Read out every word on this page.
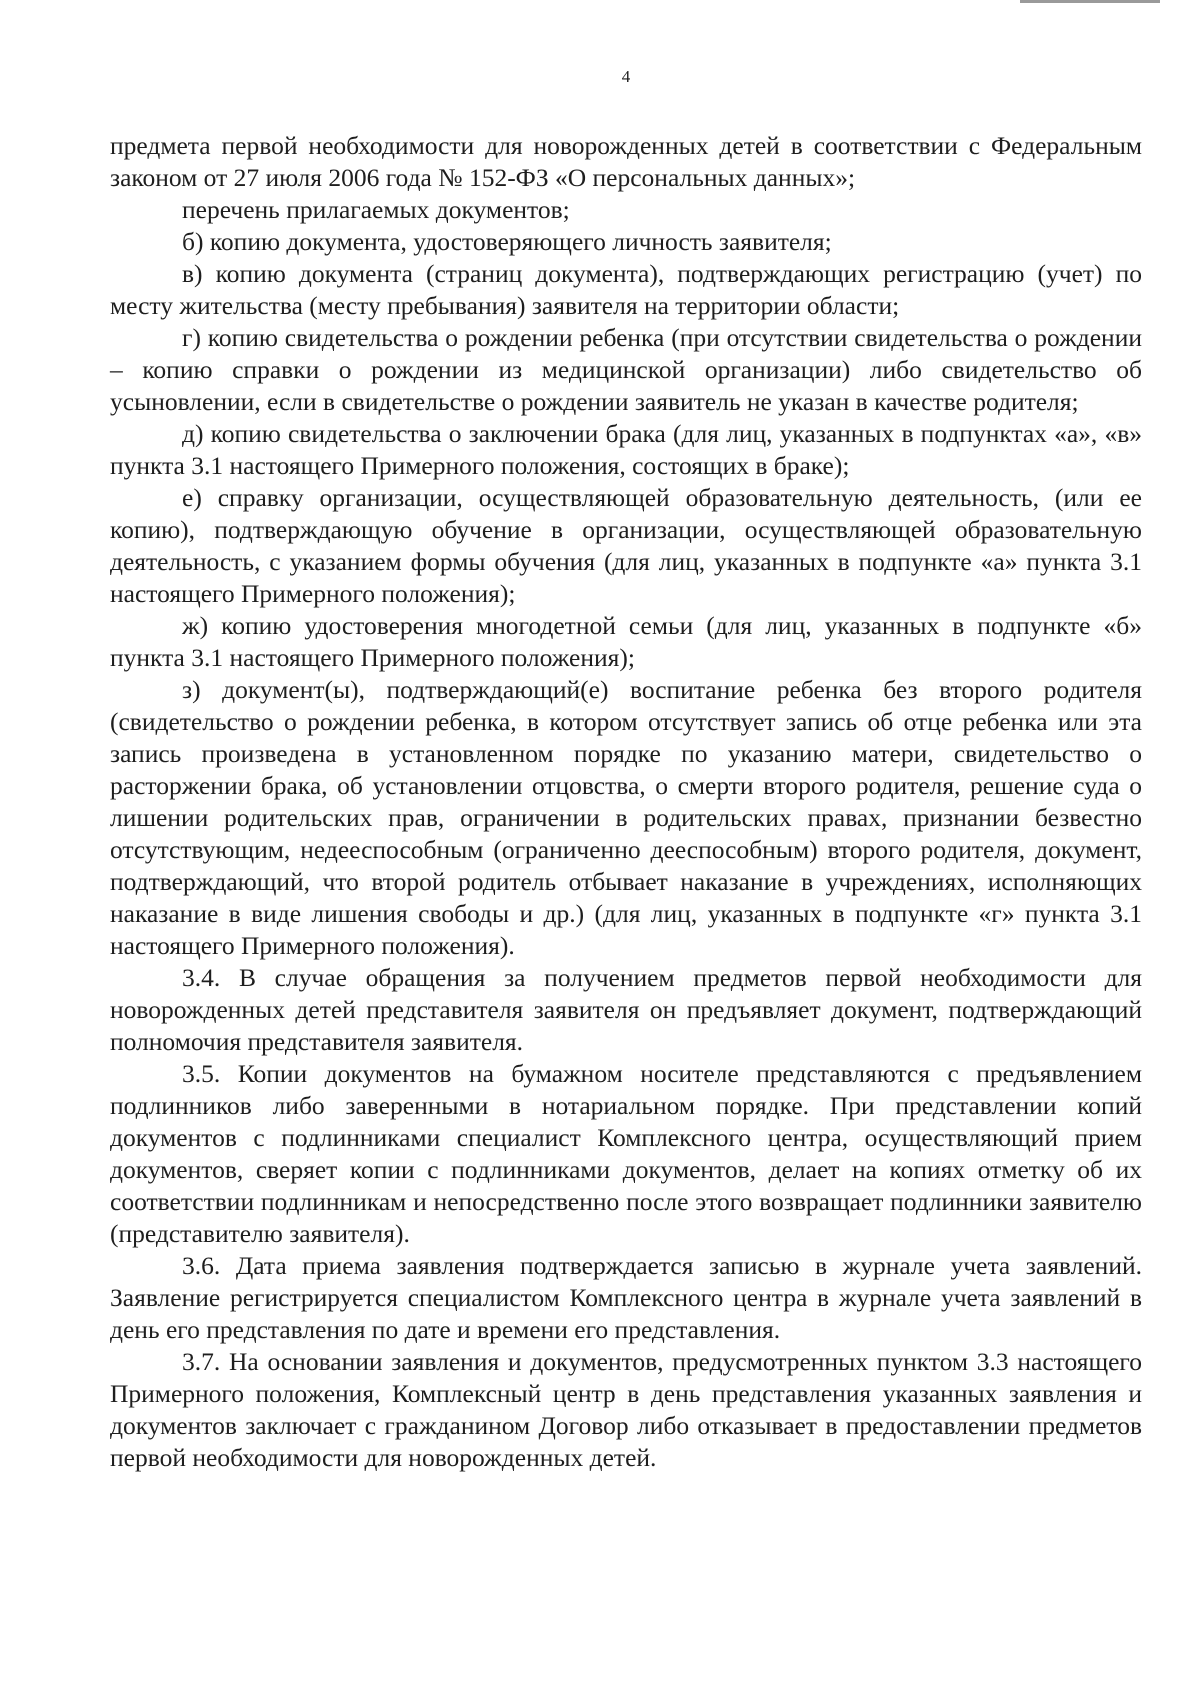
4

предмета первой необходимости для новорожденных детей в соответствии с Федеральным законом от 27 июля 2006 года № 152-ФЗ «О персональных данных»;

перечень прилагаемых документов;

б) копию документа, удостоверяющего личность заявителя;

в) копию документа (страниц документа), подтверждающих регистрацию (учет) по месту жительства (месту пребывания) заявителя на территории области;

г) копию свидетельства о рождении ребенка (при отсутствии свидетельства о рождении – копию справки о рождении из медицинской организации) либо свидетельство об усыновлении, если в свидетельстве о рождении заявитель не указан в качестве родителя;

д) копию свидетельства о заключении брака (для лиц, указанных в подпунктах «а», «в» пункта 3.1 настоящего Примерного положения, состоящих в браке);

е) справку организации, осуществляющей образовательную деятельность, (или ее копию), подтверждающую обучение в организации, осуществляющей образовательную деятельность, с указанием формы обучения (для лиц, указанных в подпункте «а» пункта 3.1 настоящего Примерного положения);

ж) копию удостоверения многодетной семьи (для лиц, указанных в подпункте «б» пункта 3.1 настоящего Примерного положения);

з) документ(ы), подтверждающий(е) воспитание ребенка без второго родителя (свидетельство о рождении ребенка, в котором отсутствует запись об отце ребенка или эта запись произведена в установленном порядке по указанию матери, свидетельство о расторжении брака, об установлении отцовства, о смерти второго родителя, решение суда о лишении родительских прав, ограничении в родительских правах, признании безвестно отсутствующим, недееспособным (ограниченно дееспособным) второго родителя, документ, подтверждающий, что второй родитель отбывает наказание в учреждениях, исполняющих наказание в виде лишения свободы и др.) (для лиц, указанных в подпункте «г» пункта 3.1 настоящего Примерного положения).

3.4. В случае обращения за получением предметов первой необходимости для новорожденных детей представителя заявителя он предъявляет документ, подтверждающий полномочия представителя заявителя.

3.5. Копии документов на бумажном носителе представляются с предъявлением подлинников либо заверенными в нотариальном порядке. При представлении копий документов с подлинниками специалист Комплексного центра, осуществляющий прием документов, сверяет копии с подлинниками документов, делает на копиях отметку об их соответствии подлинникам и непосредственно после этого возвращает подлинники заявителю (представителю заявителя).

3.6. Дата приема заявления подтверждается записью в журнале учета заявлений. Заявление регистрируется специалистом Комплексного центра в журнале учета заявлений в день его представления по дате и времени его представления.

3.7. На основании заявления и документов, предусмотренных пунктом 3.3 настоящего Примерного положения, Комплексный центр в день представления указанных заявления и документов заключает с гражданином Договор либо отказывает в предоставлении предметов первой необходимости для новорожденных детей.
